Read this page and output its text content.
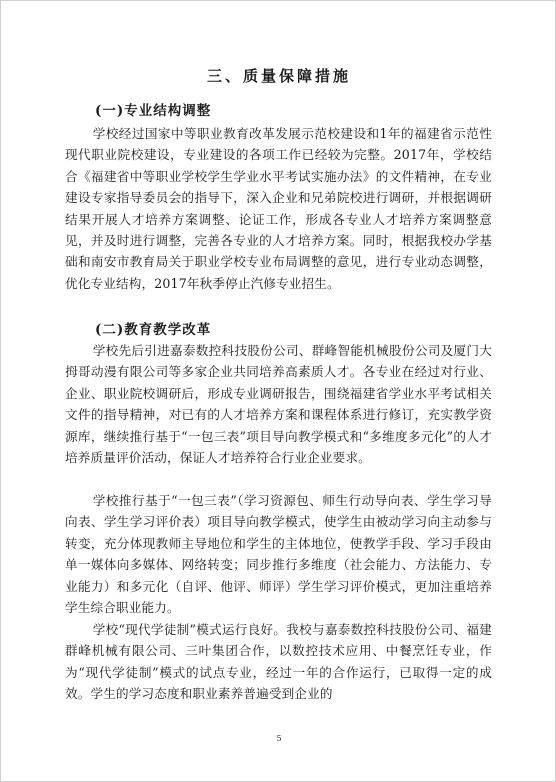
三、质量保障措施
(一)专业结构调整
学校经过国家中等职业教育改革发展示范校建设和1年的福建省示范性现代职业院校建设，专业建设的各项工作已经较为完整。2017年，学校结合《福建省中等职业学校学生学业水平考试实施办法》的文件精神，在专业建设专家指导委员会的指导下，深入企业和兄弟院校进行调研，并根据调研结果开展人才培养方案调整、论证工作，形成各专业人才培养方案调整意见，并及时进行调整，完善各专业的人才培养方案。同时，根据我校办学基础和南安市教育局关于职业学校专业布局调整的意见，进行专业动态调整，优化专业结构，2017年秋季停止汽修专业招生。
(二)教育教学改革
学校先后引进嘉泰数控科技股份公司、群峰智能机械股份公司及厦门大拇哥动漫有限公司等多家企业共同培养高素质人才。各专业在经过对行业、企业、职业院校调研后，形成专业调研报告，围绕福建省学业水平考试相关文件的指导精神，对已有的人才培养方案和课程体系进行修订，充实教学资源库，继续推行基于“一包三表”项目导向教学模式和“多维度多元化”的人才培养质量评价活动，保证人才培养符合行业企业要求。
学校推行基于“一包三表”（学习资源包、师生行动导向表、学生学习导向表、学生学习评价表）项目导向教学模式，使学生由被动学习向主动参与转变，充分体现教师主导地位和学生的主体地位，使教学手段、学习手段由单一媒体向多媒体、网络转变；同步推行多维度（社会能力、方法能力、专业能力）和多元化（自评、他评、师评）学生学习评价模式，更加注重培养学生综合职业能力。
学校“现代学徒制”模式运行良好。我校与嘉泰数控科技股份公司、福建群峰机械有限公司、三叶集团合作，以数控技术应用、中餐烹饪专业，作为“现代学徒制”模式的试点专业，经过一年的合作运行，已取得一定的成效。学生的学习态度和职业素养普遍受到企业的
5
